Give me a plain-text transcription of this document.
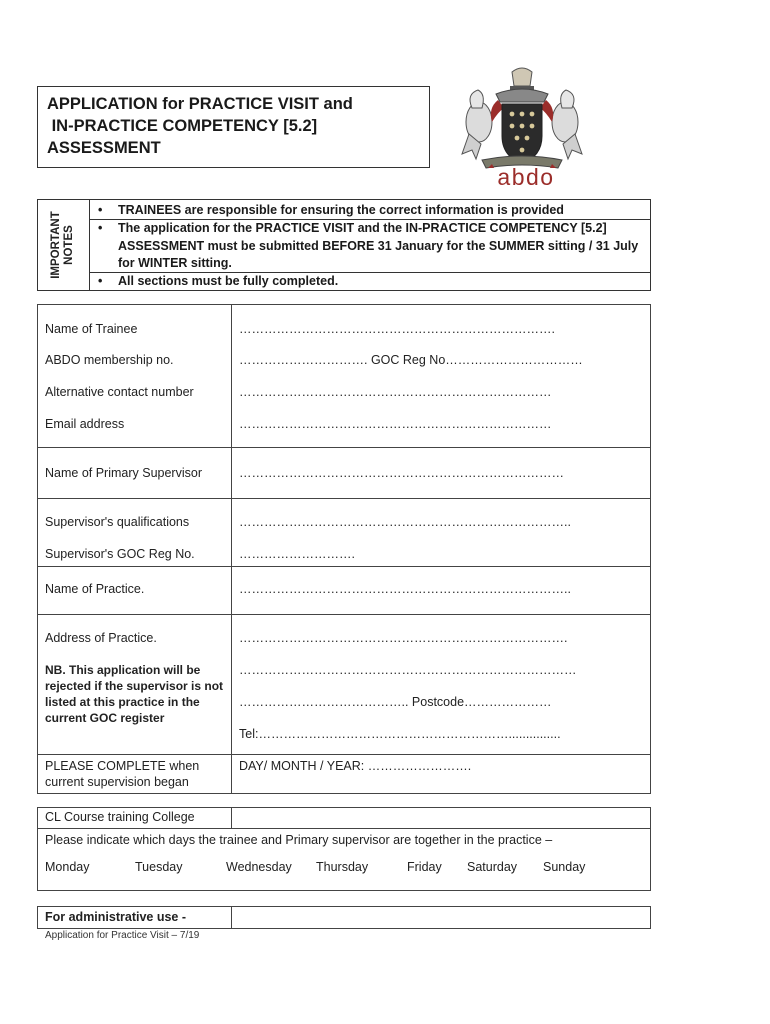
APPLICATION for PRACTICE VISIT and
IN-PRACTICE COMPETENCY [5.2]
ASSESSMENT
abdo
IMPORTANT NOTES
• TRAINEES are responsible for ensuring the correct information is provided
• The application for the PRACTICE VISIT and the IN-PRACTICE COMPETENCY [5.2] ASSESSMENT must be submitted BEFORE 31 January for the SUMMER sitting / 31 July for WINTER sitting.
• All sections must be fully completed.
Name of Trainee	………………………………………………………………….
ABDO membership no.	…………………………. GOC Reg No……………………………
Alternative contact number	…………………………………………………………………
Email address	…………………………………………………………………
Name of Primary Supervisor	……………………………………………………………………
Supervisor's qualifications	……………………………………………………………………..
Supervisor's GOC Reg No.	……………………….
Name of Practice.	……………………………………………………………………..
Address of Practice.
NB. This application will be rejected if the supervisor is not listed at this practice in the current GOC register
…………………………………………………………………….
………………………………………………………………………
………………………………….. Postcode…………………
Tel:……………………………………………………...............
PLEASE COMPLETE when
current supervision began
DAY/ MONTH / YEAR: …………………….
CL Course training College
Please indicate which days the trainee and Primary supervisor are together in the practice –
Monday	Tuesday	Wednesday Thursday	Friday Saturday Sunday
For administrative use -
Application for Practice Visit – 7/19
